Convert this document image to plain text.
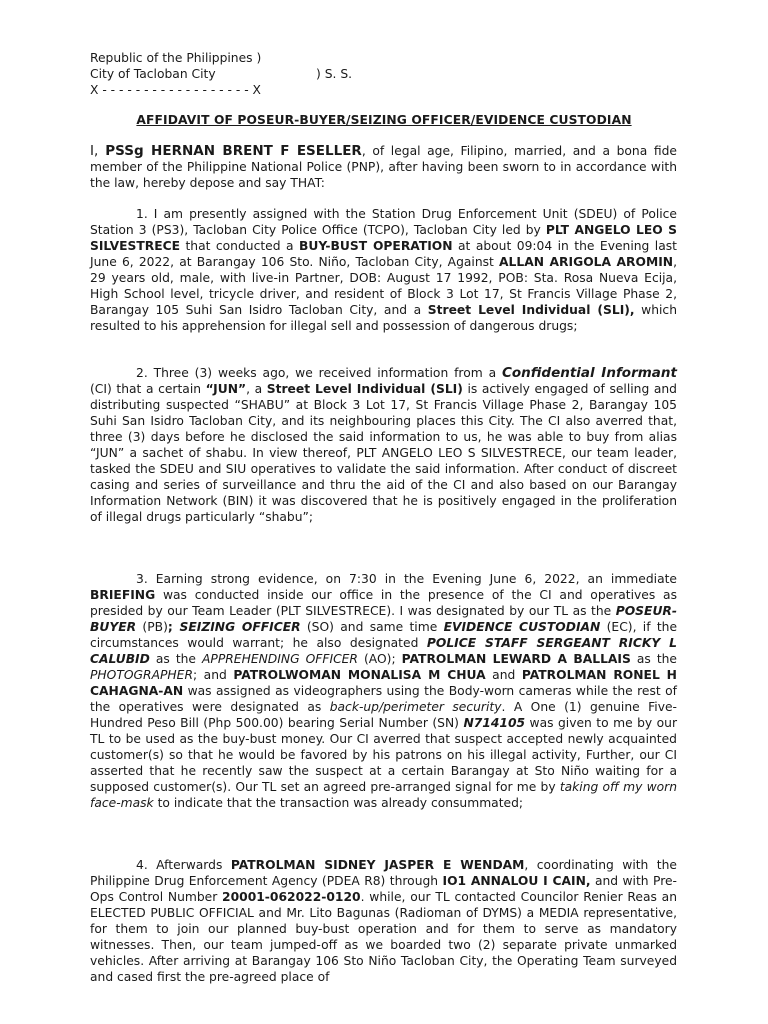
Republic of the Philippines )
City of Tacloban City	) S. S.
X - - - - - - - - - - - - - - - - - - X
AFFIDAVIT OF POSEUR-BUYER/SEIZING OFFICER/EVIDENCE CUSTODIAN

I, PSSg HERNAN BRENT F ESELLER, of legal age, Filipino, married, and a bona fide member of the Philippine National Police (PNP), after having been sworn to in accordance with the law, hereby depose and say THAT:

1. I am presently assigned with the Station Drug Enforcement Unit (SDEU) of Police Station 3 (PS3), Tacloban City Police Office (TCPO), Tacloban City led by PLT ANGELO LEO S SILVESTRECE that conducted a BUY-BUST OPERATION at about 09:04 in the Evening last June 6, 2022, at Barangay 106 Sto. Niño, Tacloban City, Against ALLAN ARIGOLA AROMIN, 29 years old, male, with live-in Partner, DOB: August 17 1992, POB: Sta. Rosa Nueva Ecija, High School level, tricycle driver, and resident of Block 3 Lot 17, St Francis Village Phase 2, Barangay 105 Suhi San Isidro Tacloban City, and a Street Level Individual (SLI), which resulted to his apprehension for illegal sell and possession of dangerous drugs;

2. Three (3) weeks ago, we received information from a Confidential Informant (CI) that a certain “JUN”, a Street Level Individual (SLI) is actively engaged of selling and distributing suspected “SHABU” at Block 3 Lot 17, St Francis Village Phase 2, Barangay 105 Suhi San Isidro Tacloban City, and its neighbouring places this City. The CI also averred that, three (3) days before he disclosed the said information to us, he was able to buy from alias “JUN” a sachet of shabu. In view thereof, PLT ANGELO LEO S SILVESTRECE, our team leader, tasked the SDEU and SIU operatives to validate the said information. After conduct of discreet casing and series of surveillance and thru the aid of the CI and also based on our Barangay Information Network (BIN) it was discovered that he is positively engaged in the proliferation of illegal drugs particularly “shabu”;

3. Earning strong evidence, on 7:30 in the Evening June 6, 2022, an immediate BRIEFING was conducted inside our office in the presence of the CI and operatives as presided by our Team Leader (PLT SILVESTRECE). I was designated by our TL as the POSEUR-BUYER (PB); SEIZING OFFICER (SO) and same time EVIDENCE CUSTODIAN (EC), if the circumstances would warrant; he also designated POLICE STAFF SERGEANT RICKY L CALUBID as the APPREHENDING OFFICER (AO); PATROLMAN LEWARD A BALLAIS as the PHOTOGRAPHER; and PATROLWOMAN MONALISA M CHUA and PATROLMAN RONEL H CAHAGNA-AN was assigned as videographers using the Body-worn cameras while the rest of the operatives were designated as back-up/perimeter security. A One (1) genuine Five-Hundred Peso Bill (Php 500.00) bearing Serial Number (SN) N714105 was given to me by our TL to be used as the buy-bust money. Our CI averred that suspect accepted newly acquainted customer(s) so that he would be favored by his patrons on his illegal activity, Further, our CI asserted that he recently saw the suspect at a certain Barangay at Sto Niño waiting for a supposed customer(s). Our TL set an agreed pre-arranged signal for me by taking off my worn face-mask to indicate that the transaction was already consummated;

4. Afterwards PATROLMAN SIDNEY JASPER E WENDAM, coordinating with the Philippine Drug Enforcement Agency (PDEA R8) through IO1 ANNALOU I CAIN, and with Pre-Ops Control Number 20001-062022-0120. while, our TL contacted Councilor Renier Reas an ELECTED PUBLIC OFFICIAL and Mr. Lito Bagunas (Radioman of DYMS) a MEDIA representative, for them to join our planned buy-bust operation and for them to serve as mandatory witnesses. Then, our team jumped-off as we boarded two (2) separate private unmarked vehicles. After arriving at Barangay 106 Sto Niño Tacloban City, the Operating Team surveyed and cased first the pre-agreed place of
